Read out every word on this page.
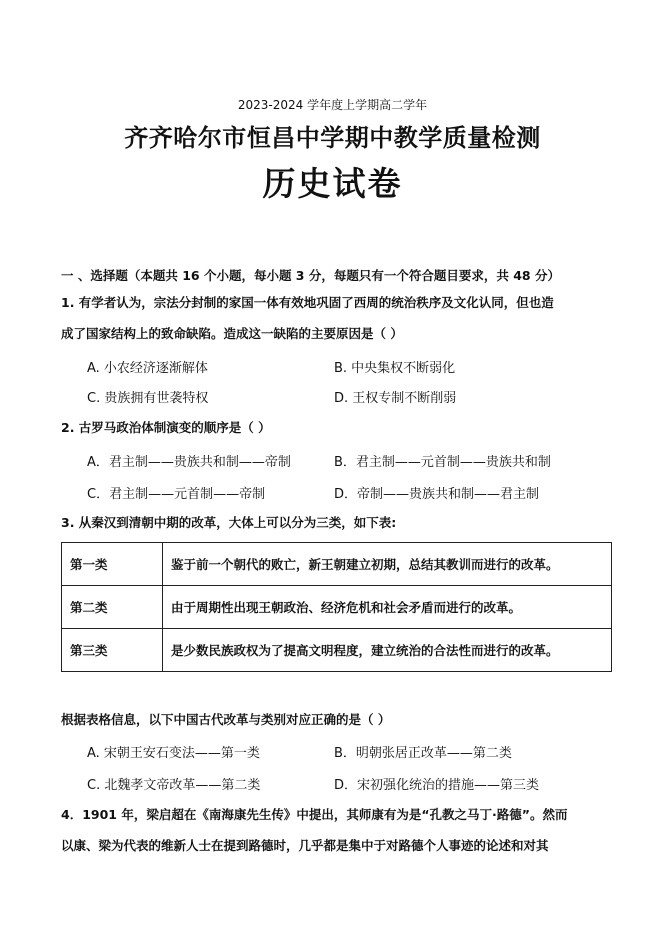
2023-2024 学年度上学期高二学年
齐齐哈尔市恒昌中学期中教学质量检测
历史试卷
一 、选择题（本题共 16 个小题，每小题 3 分，每题只有一个符合题目要求，共 48 分）
1. 有学者认为，宗法分封制的家国一体有效地巩固了西周的统治秩序及文化认同，但也造
成了国家结构上的致命缺陷。造成这一缺陷的主要原因是（ ）
A. 小农经济逐渐解体	B. 中央集权不断弱化
C. 贵族拥有世袭特权	D. 王权专制不断削弱
2. 古罗马政治体制演变的顺序是（ ）
A．君主制——贵族共和制——帝制	B．君主制——元首制——贵族共和制
C．君主制——元首制——帝制	D．帝制——贵族共和制——君主制
3. 从秦汉到清朝中期的改革，大体上可以分为三类，如下表:
第一类	鉴于前一个朝代的败亡，新王朝建立初期，总结其教训而进行的改革。
第二类	由于周期性出现王朝政治、经济危机和社会矛盾而进行的改革。
第三类	是少数民族政权为了提高文明程度，建立统治的合法性而进行的改革。
根据表格信息，以下中国古代改革与类别对应正确的是（ ）
A. 宋朝王安石变法——第一类	B．明朝张居正改革——第二类
C. 北魏孝文帝改革——第二类	D．宋初强化统治的措施——第三类
4．1901 年，梁启超在《南海康先生传》中提出，其师康有为是“孔教之马丁·路德”。然而
以康、梁为代表的维新人士在提到路德时，几乎都是集中于对路德个人事迹的论述和对其
